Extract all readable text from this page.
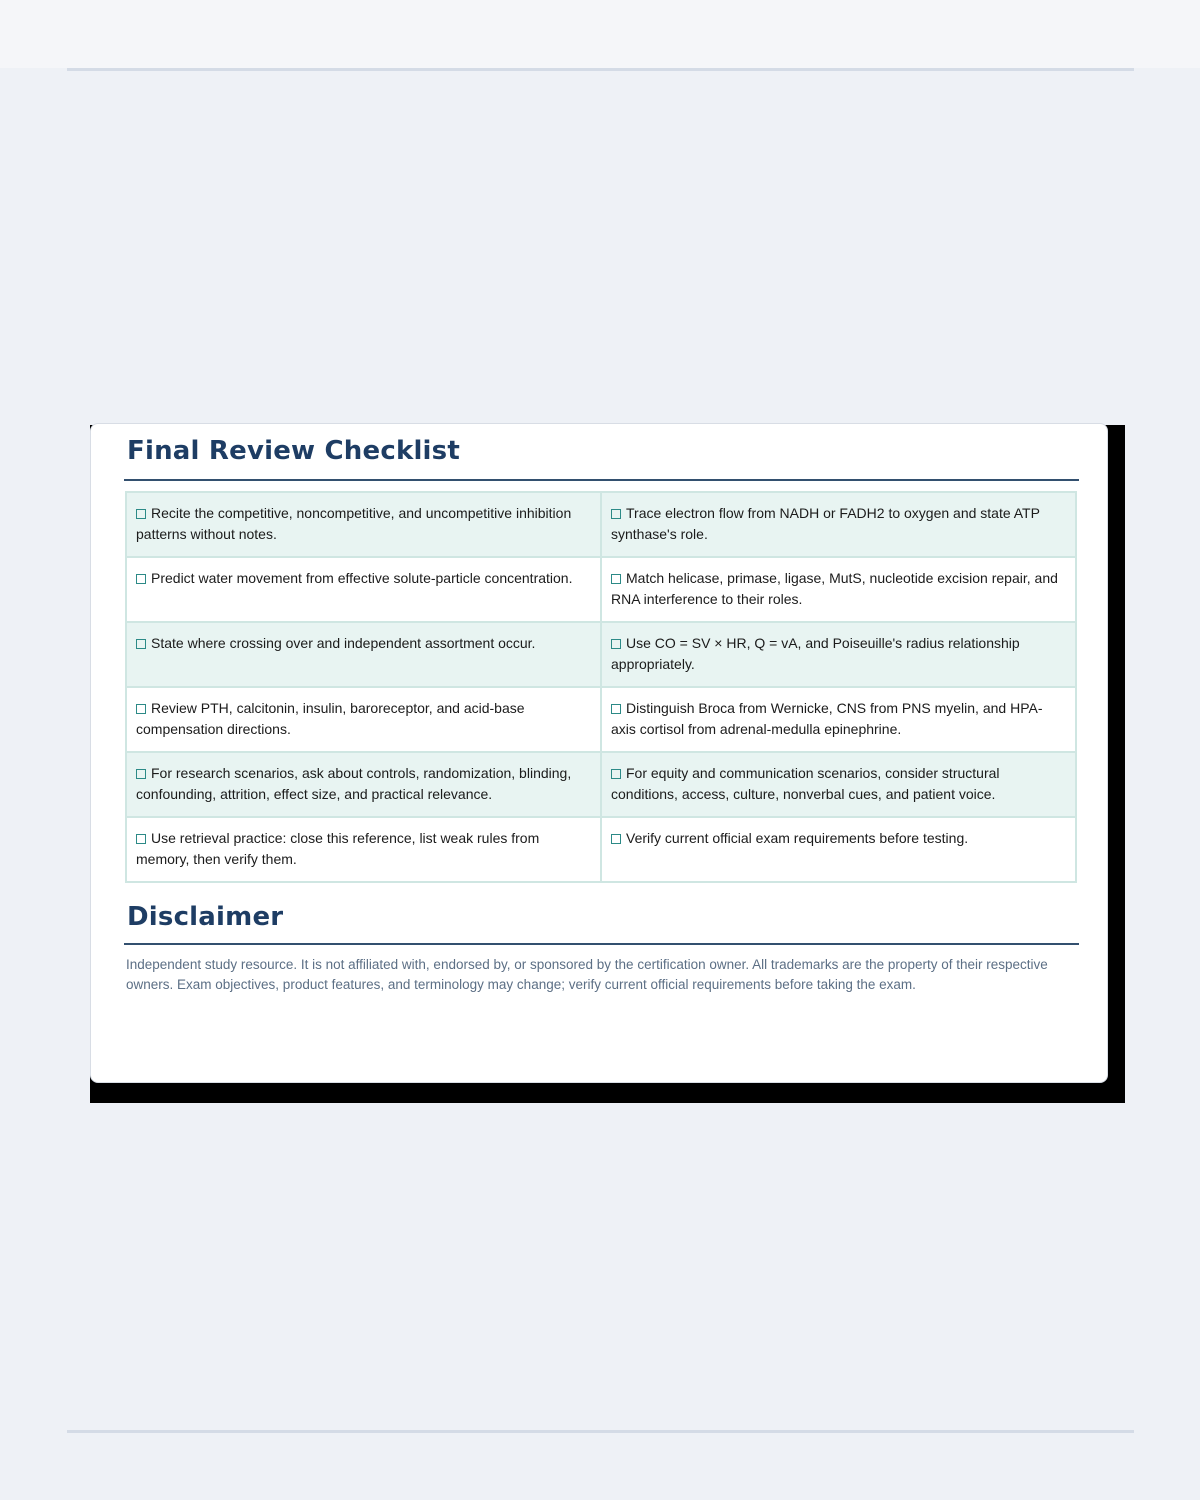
Final Review Checklist
Recite the competitive, noncompetitive, and uncompetitive inhibition patterns without notes.	Trace electron flow from NADH or FADH2 to oxygen and state ATP synthase's role.
Predict water movement from effective solute-particle concentration.	Match helicase, primase, ligase, MutS, nucleotide excision repair, and RNA interference to their roles.
State where crossing over and independent assortment occur.	Use CO = SV × HR, Q = vA, and Poiseuille's radius relationship appropriately.
Review PTH, calcitonin, insulin, baroreceptor, and acid-base compensation directions.	Distinguish Broca from Wernicke, CNS from PNS myelin, and HPA-axis cortisol from adrenal-medulla epinephrine.
For research scenarios, ask about controls, randomization, blinding, confounding, attrition, effect size, and practical relevance.	For equity and communication scenarios, consider structural conditions, access, culture, nonverbal cues, and patient voice.
Use retrieval practice: close this reference, list weak rules from memory, then verify them.	Verify current official exam requirements before testing.
Disclaimer

Independent study resource. It is not affiliated with, endorsed by, or sponsored by the certification owner. All trademarks are the property of their respective owners. Exam objectives, product features, and terminology may change; verify current official requirements before taking the exam.
